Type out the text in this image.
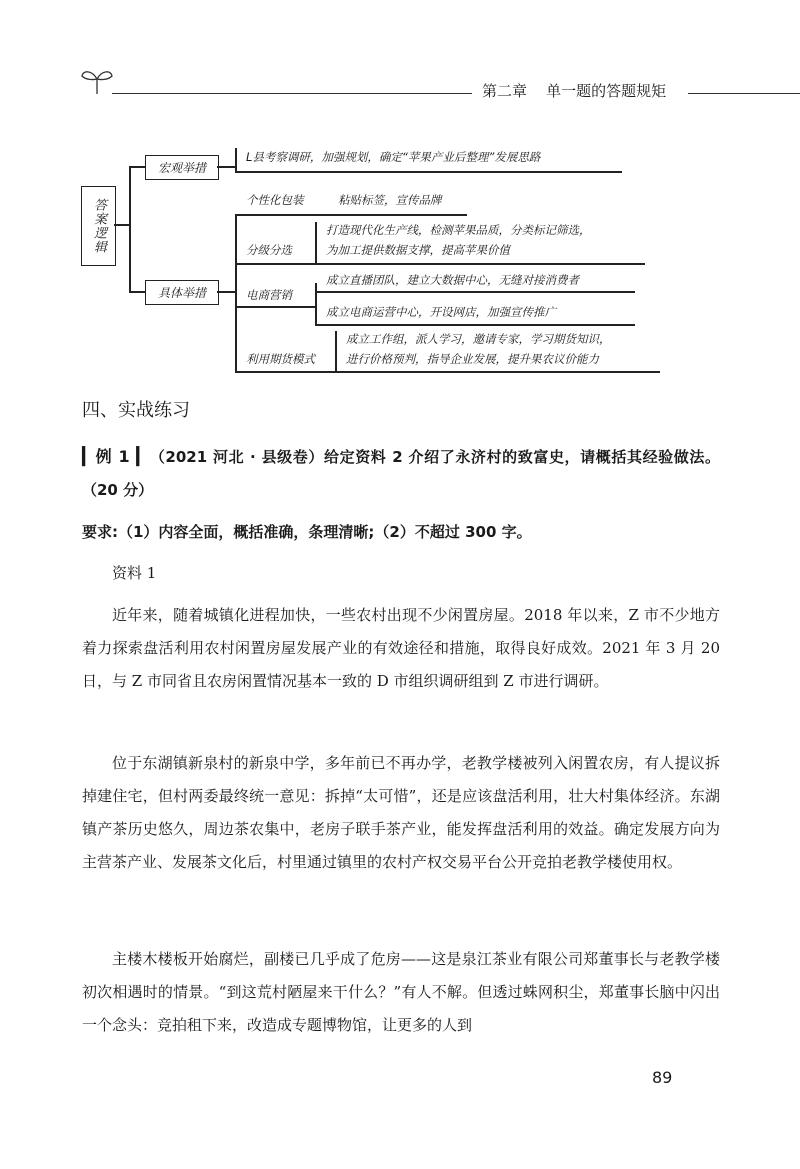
第二章 单一题的答题规矩
答案逻辑
宏观举措
L县考察调研，加强规划，确定“苹果产业后整理”发展思路
具体举措
个性化包装	粘贴标签，宣传品牌
分级分选
打造现代化生产线，检测苹果品质，分类标记筛选，
为加工提供数据支撑，提高苹果价值
电商营销
成立直播团队，建立大数据中心，无缝对接消费者
成立电商运营中心，开设网店，加强宣传推广
利用期货模式
成立工作组，派人学习，邀请专家，学习期货知识，
进行价格预判，指导企业发展，提升果农议价能力
四、实战练习
▎例 1 ▎（2021 河北 · 县级卷）给定资料 2 介绍了永济村的致富史，请概括其经验做法。（20 分）
要求:（1）内容全面，概括准确，条理清晰;（2）不超过 300 字。
资料 1
近年来，随着城镇化进程加快，一些农村出现不少闲置房屋。2018 年以来，Z 市不少地方着力探索盘活利用农村闲置房屋发展产业的有效途径和措施，取得良好成效。2021 年 3 月 20 日，与 Z 市同省且农房闲置情况基本一致的 D 市组织调研组到 Z 市进行调研。
位于东湖镇新泉村的新泉中学，多年前已不再办学，老教学楼被列入闲置农房，有人提议拆掉建住宅，但村两委最终统一意见：拆掉“太可惜”，还是应该盘活利用，壮大村集体经济。东湖镇产茶历史悠久，周边茶农集中，老房子联手茶产业，能发挥盘活利用的效益。确定发展方向为主营茶产业、发展茶文化后，村里通过镇里的农村产权交易平台公开竞拍老教学楼使用权。
主楼木楼板开始腐烂，副楼已几乎成了危房——这是泉江茶业有限公司郑董事长与老教学楼初次相遇时的情景。“到这荒村陋屋来干什么？”有人不解。但透过蛛网积尘，郑董事长脑中闪出一个念头：竞拍租下来，改造成专题博物馆，让更多的人到
89
